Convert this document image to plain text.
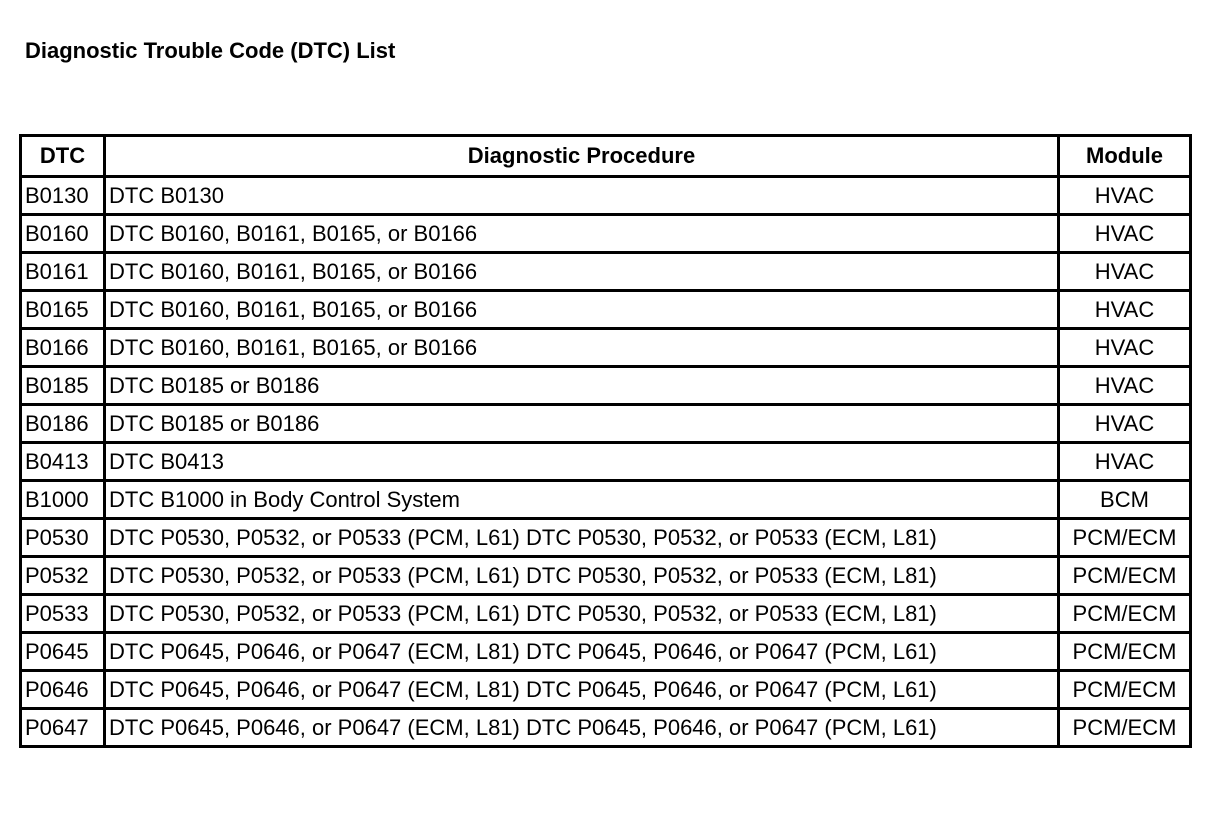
Diagnostic Trouble Code (DTC) List
DTC	Diagnostic Procedure	Module
B0130	DTC B0130	HVAC
B0160	DTC B0160, B0161, B0165, or B0166	HVAC
B0161	DTC B0160, B0161, B0165, or B0166	HVAC
B0165	DTC B0160, B0161, B0165, or B0166	HVAC
B0166	DTC B0160, B0161, B0165, or B0166	HVAC
B0185	DTC B0185 or B0186	HVAC
B0186	DTC B0185 or B0186	HVAC
B0413	DTC B0413	HVAC
B1000	DTC B1000 in Body Control System	BCM
P0530	DTC P0530, P0532, or P0533 (PCM, L61) DTC P0530, P0532, or P0533 (ECM, L81)	PCM/ECM
P0532	DTC P0530, P0532, or P0533 (PCM, L61) DTC P0530, P0532, or P0533 (ECM, L81)	PCM/ECM
P0533	DTC P0530, P0532, or P0533 (PCM, L61) DTC P0530, P0532, or P0533 (ECM, L81)	PCM/ECM
P0645	DTC P0645, P0646, or P0647 (ECM, L81) DTC P0645, P0646, or P0647 (PCM, L61)	PCM/ECM
P0646	DTC P0645, P0646, or P0647 (ECM, L81) DTC P0645, P0646, or P0647 (PCM, L61)	PCM/ECM
P0647	DTC P0645, P0646, or P0647 (ECM, L81) DTC P0645, P0646, or P0647 (PCM, L61)	PCM/ECM
